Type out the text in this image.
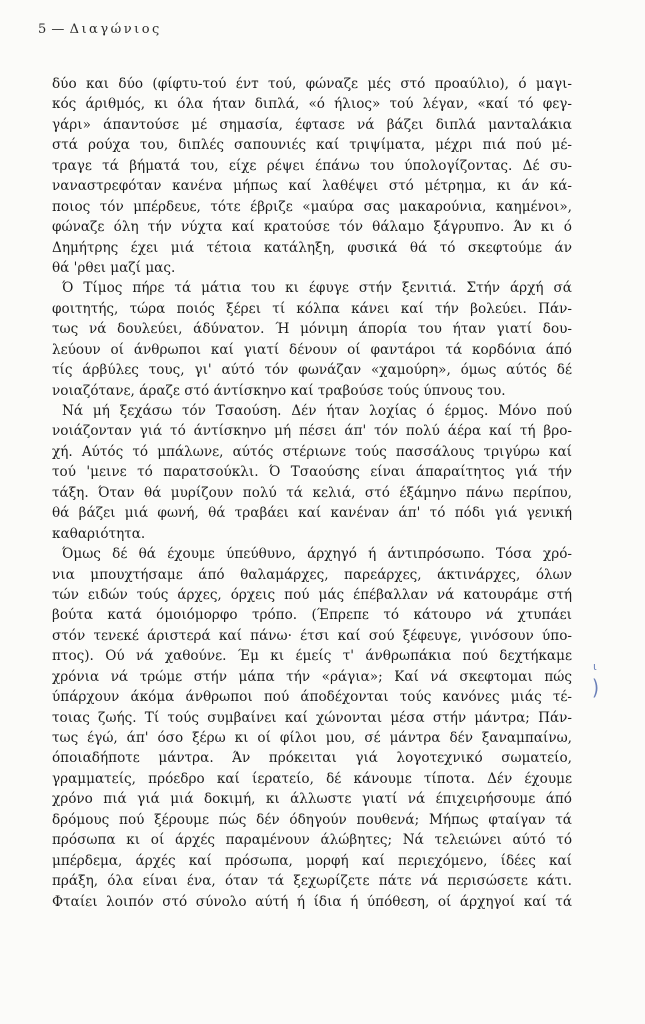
5 — Διαγώνιος
δύο και δύο (φίφτυ-τού ένт τού, φώναζε μές στό προαύλιο), ό μαγι-
κός άριθμός, κι όλα ήταν διπλά, «ό ήλιος» τού λέγαν, «καί τό φεγ-
γάρι» άπαντούσε μέ σημασία, έφτασε νά βάζει διπλά μανταλάκια
στά ρούχα του, διπλές σαπουνιές καί τριψίματα, μέχρι πιά πού μέ-
τραγε τά βήματά του, είχε ρέψει έπάνω του ύπολογίζοντας. Δέ συ-
ναναστρεφόταν κανένα μήπως καί λαθέψει στό μέτρημα, κι άν κά-
ποιος τόν μπέρδευε, τότε έβριζε «μαύρα σας μακαρούνια, καημένοι»,
φώναζε όλη τήν νύχτα καί κρατούσε τόν θάλαμο ξάγρυπνο. Άν κι ό
Δημήτρης έχει μιά τέτοια κατάληξη, φυσικά θά τό σκεφτούμε άν
θά 'ρθει μαζί μας.
Ό Τίμος πήρε τά μάτια του κι έφυγε στήν ξενιτιά. Στήν άρχή σά
φοιτητής, τώρα ποιός ξέρει τί κόλπα κάνει καί τήν βολεύει. Πάν-
τως νά δουλεύει, άδύνατον. Ή μόνιμη άπορία του ήταν γιατί δου-
λεύουν οί άνθρωποι καί γιατί δένουν οί φαντάροι τά κορδόνια άπό
τίς άρβύλες τους, γι' αύτό τόν φωνάζαν «χαμούρη», όμως αύτός δέ
νοιαζότανε, άραζε στό άντίσκηνο καί τραβούσε τούς ύπνους του.
Νά μή ξεχάσω τόν Τσαούση. Δέν ήταν λοχίας ό έρμος. Μόνο πού
νοιάζονταν γιά τό άντίσκηνο μή πέσει άπ' τόν πολύ άέρα καί τή βρο-
χή. Αύτός τό μπάλωνε, αύτός στέριωνε τούς πασσάλους τριγύρω καί
τού 'μεινε τό παρατσούκλι. Ό Τσαούσης είναι άπαραίτητος γιά τήν
τάξη. Όταν θά μυρίζουν πολύ τά κελιά, στό έξάμηνο πάνω περίπου,
θά βάζει μιά φωνή, θά τραβάει καί κανέναν άπ' τό πόδι γιά γενική
καθαριότητα.
Όμως δέ θά έχουμε ύπεύθυνο, άρχηγό ή άντιπρόσωπο. Τόσα χρό-
νια μπουχτήσαμε άπό θαλαμάρχες, παρεάρχες, άκτινάρχες, όλων
τών ειδών τούς άρχες, όρχεις πού μάς έπέβαλλαν νά κατουράμε στή
βούτα κατά όμοιόμορφο τρόπο. (Έπρεπε τό κάτουρο νά χτυπάει
στόν τενεκέ άριστερά καί πάνω· έτσι καί σού ξέφευγε, γινόσουν ύπο-
πτος). Ού νά χαθούνε. Έμ κι έμείς τ' άνθρωπάκια πού δεχτήκαμε
χρόνια νά τρώμε στήν μάπα τήν «ράγια»; Καί νά σκεφτομαι πώς
ύπάρχουν άκόμα άνθρωποι πού άποδέχονται τούς κανόνες μιάς τέ-
τοιας ζωής. Τί τούς συμβαίνει καί χώνονται μέσα στήν μάντρα; Πάν-
τως έγώ, άπ' όσο ξέρω κι οί φίλοι μου, σέ μάντρα δέν ξαναμπαίνω,
όποιαδήποτε μάντρα. Άν πρόκειται γιά λογοτεχνικό σωματείο,
γραμματείς, πρόεδρο καί ίερατείο, δέ κάνουμε τίποτα. Δέν έχουμε
χρόνο πιά γιά μιά δοκιμή, κι άλλωστε γιατί νά έπιχειρήσουμε άπό
δρόμους πού ξέρουμε πώς δέν όδηγούν πουθενά; Μήπως φταίγαν τά
πρόσωπα κι οί άρχές παραμένουν άλώβητες; Νά τελειώνει αύτό τό
μπέρδεμα, άρχές καί πρόσωπα, μορφή καί περιεχόμενο, ίδέες καί
πράξη, όλα είναι ένα, όταν τά ξεχωρίζετε πάτε νά περισώσετε κάτι.
Φταίει λοιπόν στό σύνολο αύτή ή ίδια ή ύπόθεση, οί άρχηγοί καί τά
ι
)
